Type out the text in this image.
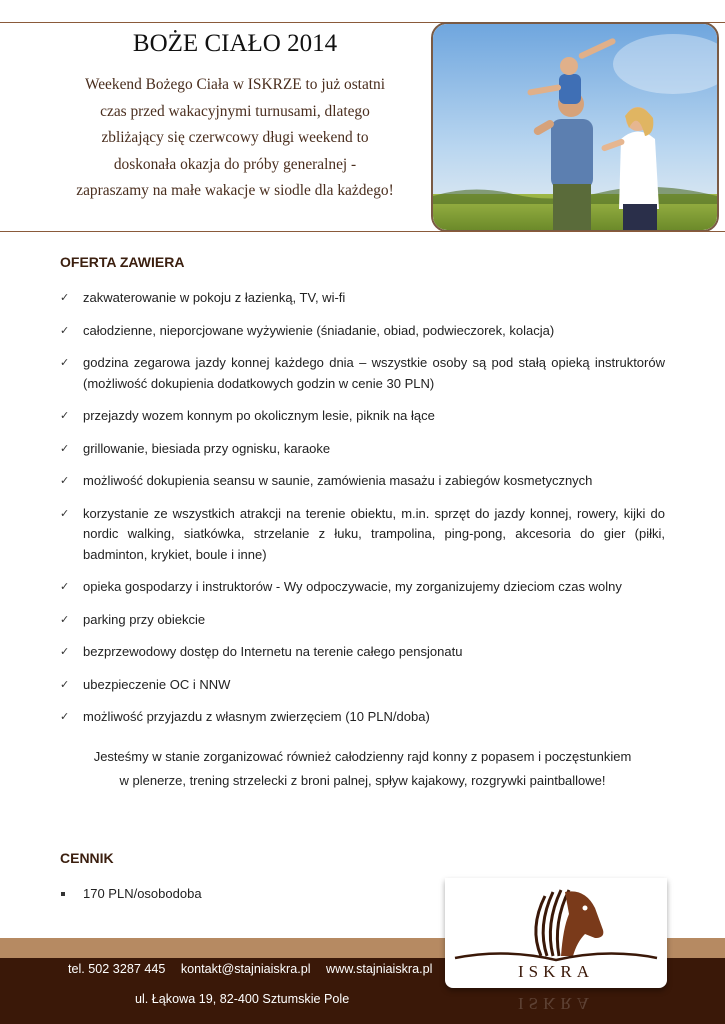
BOŻE CIAŁO 2014

Weekend Bożego Ciała w ISKRZE to już ostatni
czas przed wakacyjnymi turnusami, dlatego
zbliżający się czerwcowy długi weekend to
doskonała okazja do próby generalnej -
zapraszamy na małe wakacje w siodle dla każdego!

OFERTA ZAWIERA
✓ zakwaterowanie w pokoju z łazienką, TV, wi-fi
✓ całodzienne, nieporcjowane wyżywienie (śniadanie, obiad, podwieczorek, kolacja)
✓ godzina zegarowa jazdy konnej każdego dnia – wszystkie osoby są pod stałą opieką instruktorów (możliwość dokupienia dodatkowych godzin w cenie 30 PLN)
✓ przejazdy wozem konnym po okolicznym lesie, piknik na łące
✓ grillowanie, biesiada przy ognisku, karaoke
✓ możliwość dokupienia seansu w saunie, zamówienia masażu i zabiegów kosmetycznych
✓ korzystanie ze wszystkich atrakcji na terenie obiektu, m.in. sprzęt do jazdy konnej, rowery, kijki do nordic walking, siatkówka, strzelanie z łuku, trampolina, ping-pong, akcesoria do gier (piłki, badminton, krykiet, boule i inne)
✓ opieka gospodarzy i instruktorów - Wy odpoczywacie, my zorganizujemy dzieciom czas wolny
✓ parking przy obiekcie
✓ bezprzewodowy dostęp do Internetu na terenie całego pensjonatu
✓ ubezpieczenie OC i NNW
✓ możliwość przyjazdu z własnym zwierzęciem (10 PLN/doba)

Jesteśmy w stanie zorganizować również całodzienny rajd konny z popasem i poczęstunkiem
w plenerze, trening strzelecki z broni palnej, spływ kajakowy, rozgrywki paintballowe!

CENNIK
170 PLN/osobodoba

tel. 502 3287 445 kontakt@stajniaiskra.pl www.stajniaiskra.pl

ul. Łąkowa 19, 82-400 Sztumskie Pole

ISKRA
